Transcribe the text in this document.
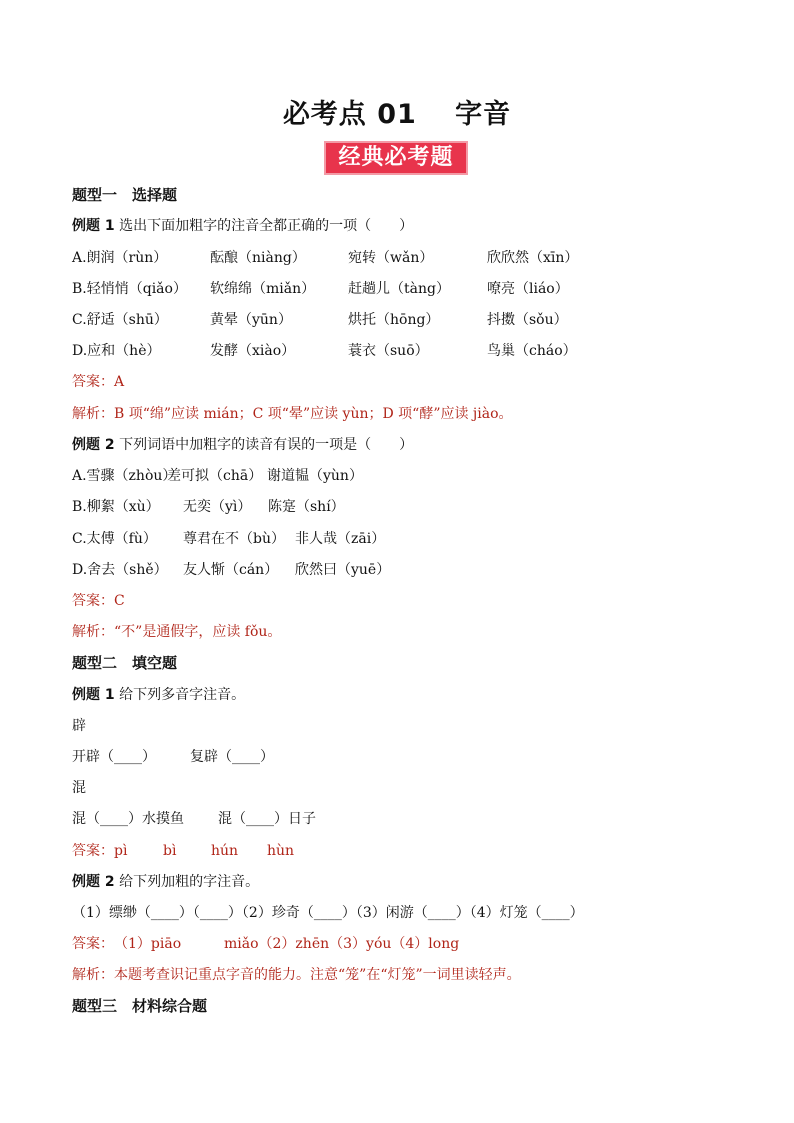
必考点 01　 字音
经典必考题
题型一　选择题
例题 1 选出下面加粗字的注音全都正确的一项（　　）
A.朗润（rùn）	酝酿（niàng）	宛转（wǎn）	欣欣然（xīn）
B.轻悄悄（qiǎo） 软绵绵（miǎn） 赶趟儿（tàng）	嘹亮（liáo）
C.舒适（shū）	黄晕（yūn）	烘托（hōng）	抖擞（sǒu）
D.应和（hè）	发酵（xiào）	蓑衣（suō）	鸟巢（cháo）
答案：A
解析：B 项“绵”应读 mián；C 项“晕”应读 yùn；D 项“酵”应读 jiào。
例题 2 下列词语中加粗字的读音有误的一项是（　　）
A.雪骤（zhòu）
差可拟（chā） 谢道韫（yùn）
B.柳絮（xù） 无奕（yì） 陈寔（shí）
C.太傅（fù） 尊君在不（bù） 非人哉（zāi）
D.舍去（shě） 友人惭（cán） 欣然曰（yuē）
答案：C
解析：“不”是通假字，应读 fǒu。
题型二　填空题
例题 1 给下列多音字注音。
辟
开辟（____） 复辟（____）
混
混（____）水摸鱼 混（____）日子
答案： pì	bì hún hùn
例题 2 给下列加粗的字注音。
（1）缥缈（____）（____）（2）珍奇（____）（3）闲游（____）（4）灯笼（____）
答案： （1）piāo	miǎo（2）zhēn（3）yóu（4）long
解析：本题考查识记重点字音的能力。注意“笼”在“灯笼”一词里读轻声。
题型三　材料综合题
